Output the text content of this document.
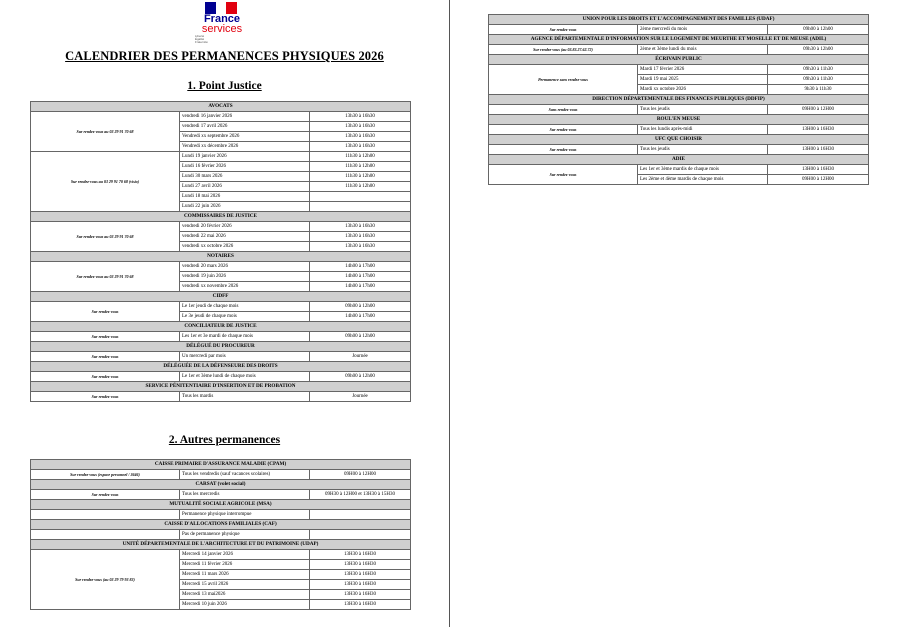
France
services
Liberté
Égalité
Fraternité
CALENDRIER DES PERMANENCES PHYSIQUES 2026
1. Point Justice
AVOCATS		
Sur rendez-vous au 03 29 91 70 68	vendredi 16 janvier 2026	13h30 à 16h30
	vendredi 17 avril 2026	13h30 à 16h30
	Vendredi xx septembre 2026	13h30 à 16h30
	Vendredi xx décembre 2026	13h30 à 16h30
Sur rendez-vous au 03 29 91 70 68 (visio)	Lundi 19 janvier 2026	11h30 à 12h00
	Lundi 16 février 2026	11h30 à 12h00
	Lundi 30 mars 2026	11h30 à 12h00
	Lundi 27 avril 2026	11h30 à 12h00
	Lundi 18 mai 2026	
	Lundi 22 juin 2026	
COMMISSAIRES DE JUSTICE		
Sur rendez-vous au 03 29 91 70 68	vendredi 20 février 2026	13h30 à 16h30
	vendredi 22 mai 2026	13h30 à 16h30
	vendredi xx octobre 2026	13h30 à 16h30
NOTAIRES		
Sur rendez-vous au 03 29 91 70 68	vendredi 20 mars 2026	14h00 à 17h00
	vendredi 19 juin 2026	14h00 à 17h00
	vendredi xx novembre 2026	14h00 à 17h00
CIDFF		
Sur rendez-vous	Le 1er jeudi de chaque mois	09h00 à 12h00
	Le 3e jeudi de chaque mois	14h00 à 17h00
CONCILIATEUR DE JUSTICE		
Sur rendez-vous	Les 1er et 3e mardi de chaque mois	09h00 à 12h00
DÉLÉGUÉ DU PROCUREUR		
Sur rendez-vous	Un mercredi par mois	Journée
DÉLÉGUÉE DE LA DÉFENSEURE DES DROITS		
Sur rendez-vous	Le 1er et 3ème lundi de chaque mois	09h00 à 12h00
SERVICE PÉNITENTIAIRE D'INSERTION ET DE PROBATION		
Sur rendez-vous	Tous les mardis	Journée
2. Autres permanences
CAISSE PRIMAIRE D'ASSURANCE MALADIE (CPAM)		
Sur rendez-vous (espace personnel / 3646)	Tous les vendredis (sauf vacances scolaires)	09H00 à 12H00
CARSAT (volet social)		
Sur rendez-vous	Tous les mercredis	09H30 à 12H00 et 13H30 à 15H30
MUTUALITÉ SOCIALE AGRICOLE (MSA)		
	Permanence physique interrompue	
CAISSE D'ALLOCATIONS FAMILIALES (CAF)		
	Pas de permanence physique	
UNITÉ DÉPARTEMENTALE DE L'ARCHITECTURE ET DU PATRIMOINE (UDAP)		
Sur rendez-vous (au 03 29 79 93 83)	Mercredi 14 janvier 2026	13H30 à 16H30
	Mercredi 11 février 2026	13H30 à 16H30
	Mercredi 11 mars 2026	13H30 à 16H30
	Mercredi 15 avril 2026	13H30 à 16H30
	Mercredi 13 mai2026	13H30 à 16H30
	Mercredi 10 juin 2026	13H30 à 16H30
UNION POUR LES DROITS ET L'ACCOMPAGNEMENT DES FAMILLES (UDAF)		
Sur rendez-vous	2ème mercredi du mois	09h00 à 12h00
AGENCE DÉPARTEMENTALE D'INFORMATION SUR LE LOGEMENT DE MEURTHE ET MOSELLE ET DE MEUSE (ADIL)		
Sur rendez-vous (au 03.83.27.62.72)	2ème et 3ème lundi du mois	09h30 à 12h00
ÉCRIVAIN PUBLIC		
Permanence sans rendez-vous	Mardi 17 février 2026	09h30 à 11h30
	Mardi 19 mai 2025	09h30 à 11h30
	Mardi xx octobre 2026	9h30 à 11h30
DIRECTION DÉPARTEMENTALE DES FINANCES PUBLIQUES (DDFIP)		
Sans rendez-vous	Tous les jeudis	09H00 à 12H00
ROUL'EN MEUSE		
Sur rendez-vous	Tous les lundis après-midi	13H00 à 16H30
UFC QUE CHOISIR		
Sur rendez-vous	Tous les jeudis	13H00 à 16H30
ADIE		
Sur rendez-vous	Les 1er et 3ème mardis de chaque mois	13H00 à 16H30
	Les 2ème et 4ème mardis de chaque mois	09H00 à 12H00
